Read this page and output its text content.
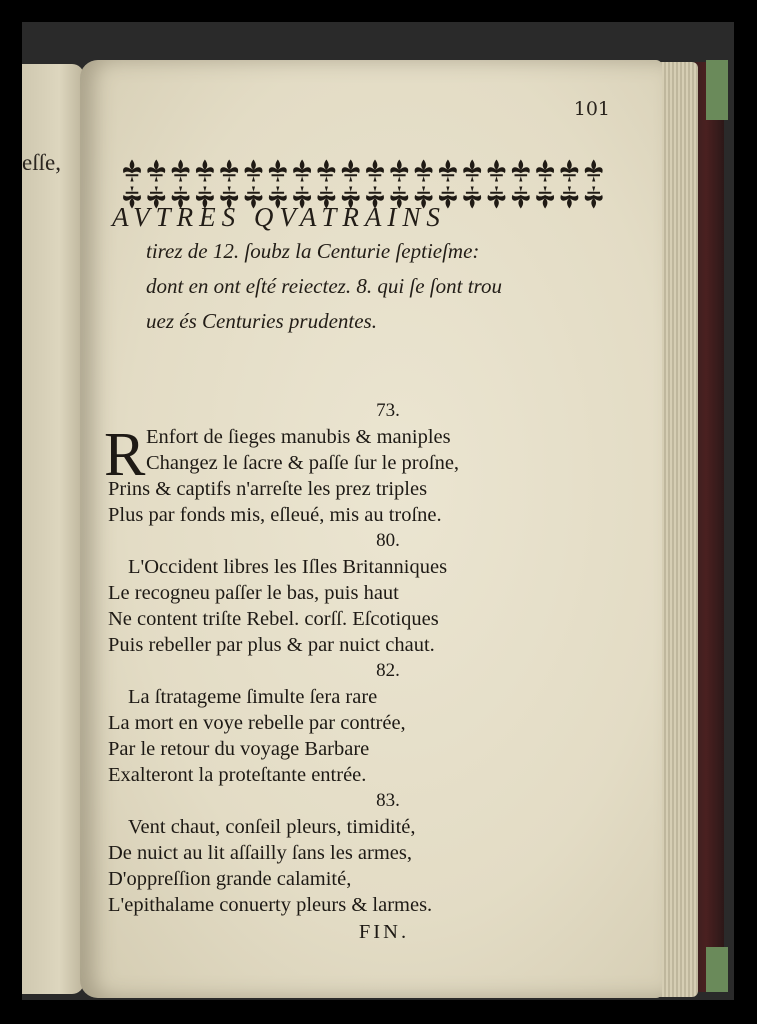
eſſe,
101
AVTRES QVATRAINS
tirez de 12. ſoubz la Centurie ſeptieſme:
dont en ont eſté reiectez. 8. qui ſe ſont trou
uez és Centuries prudentes.
73.
R Enfort de ſieges manubis & maniples
Changez le ſacre & paſſe ſur le proſne,
Prins & captifs n'arreſte les prez triples
Plus par fonds mis, eſleué, mis au troſne.
80.
L'Occident libres les Iſles Britanniques
Le recogneu paſſer le bas, puis haut
Ne content triſte Rebel. corſſ. Eſcotiques
Puis rebeller par plus & par nuict chaut.
82.
La ſtratageme ſimulte ſera rare
La mort en voye rebelle par contrée,
Par le retour du voyage Barbare
Exalteront la proteſtante entrée.
83.
Vent chaut, conſeil pleurs, timidité,
De nuict au lit aſſailly ſans les armes,
D'oppreſſion grande calamité,
L'epithalame conuerty pleurs & larmes.
FIN.
